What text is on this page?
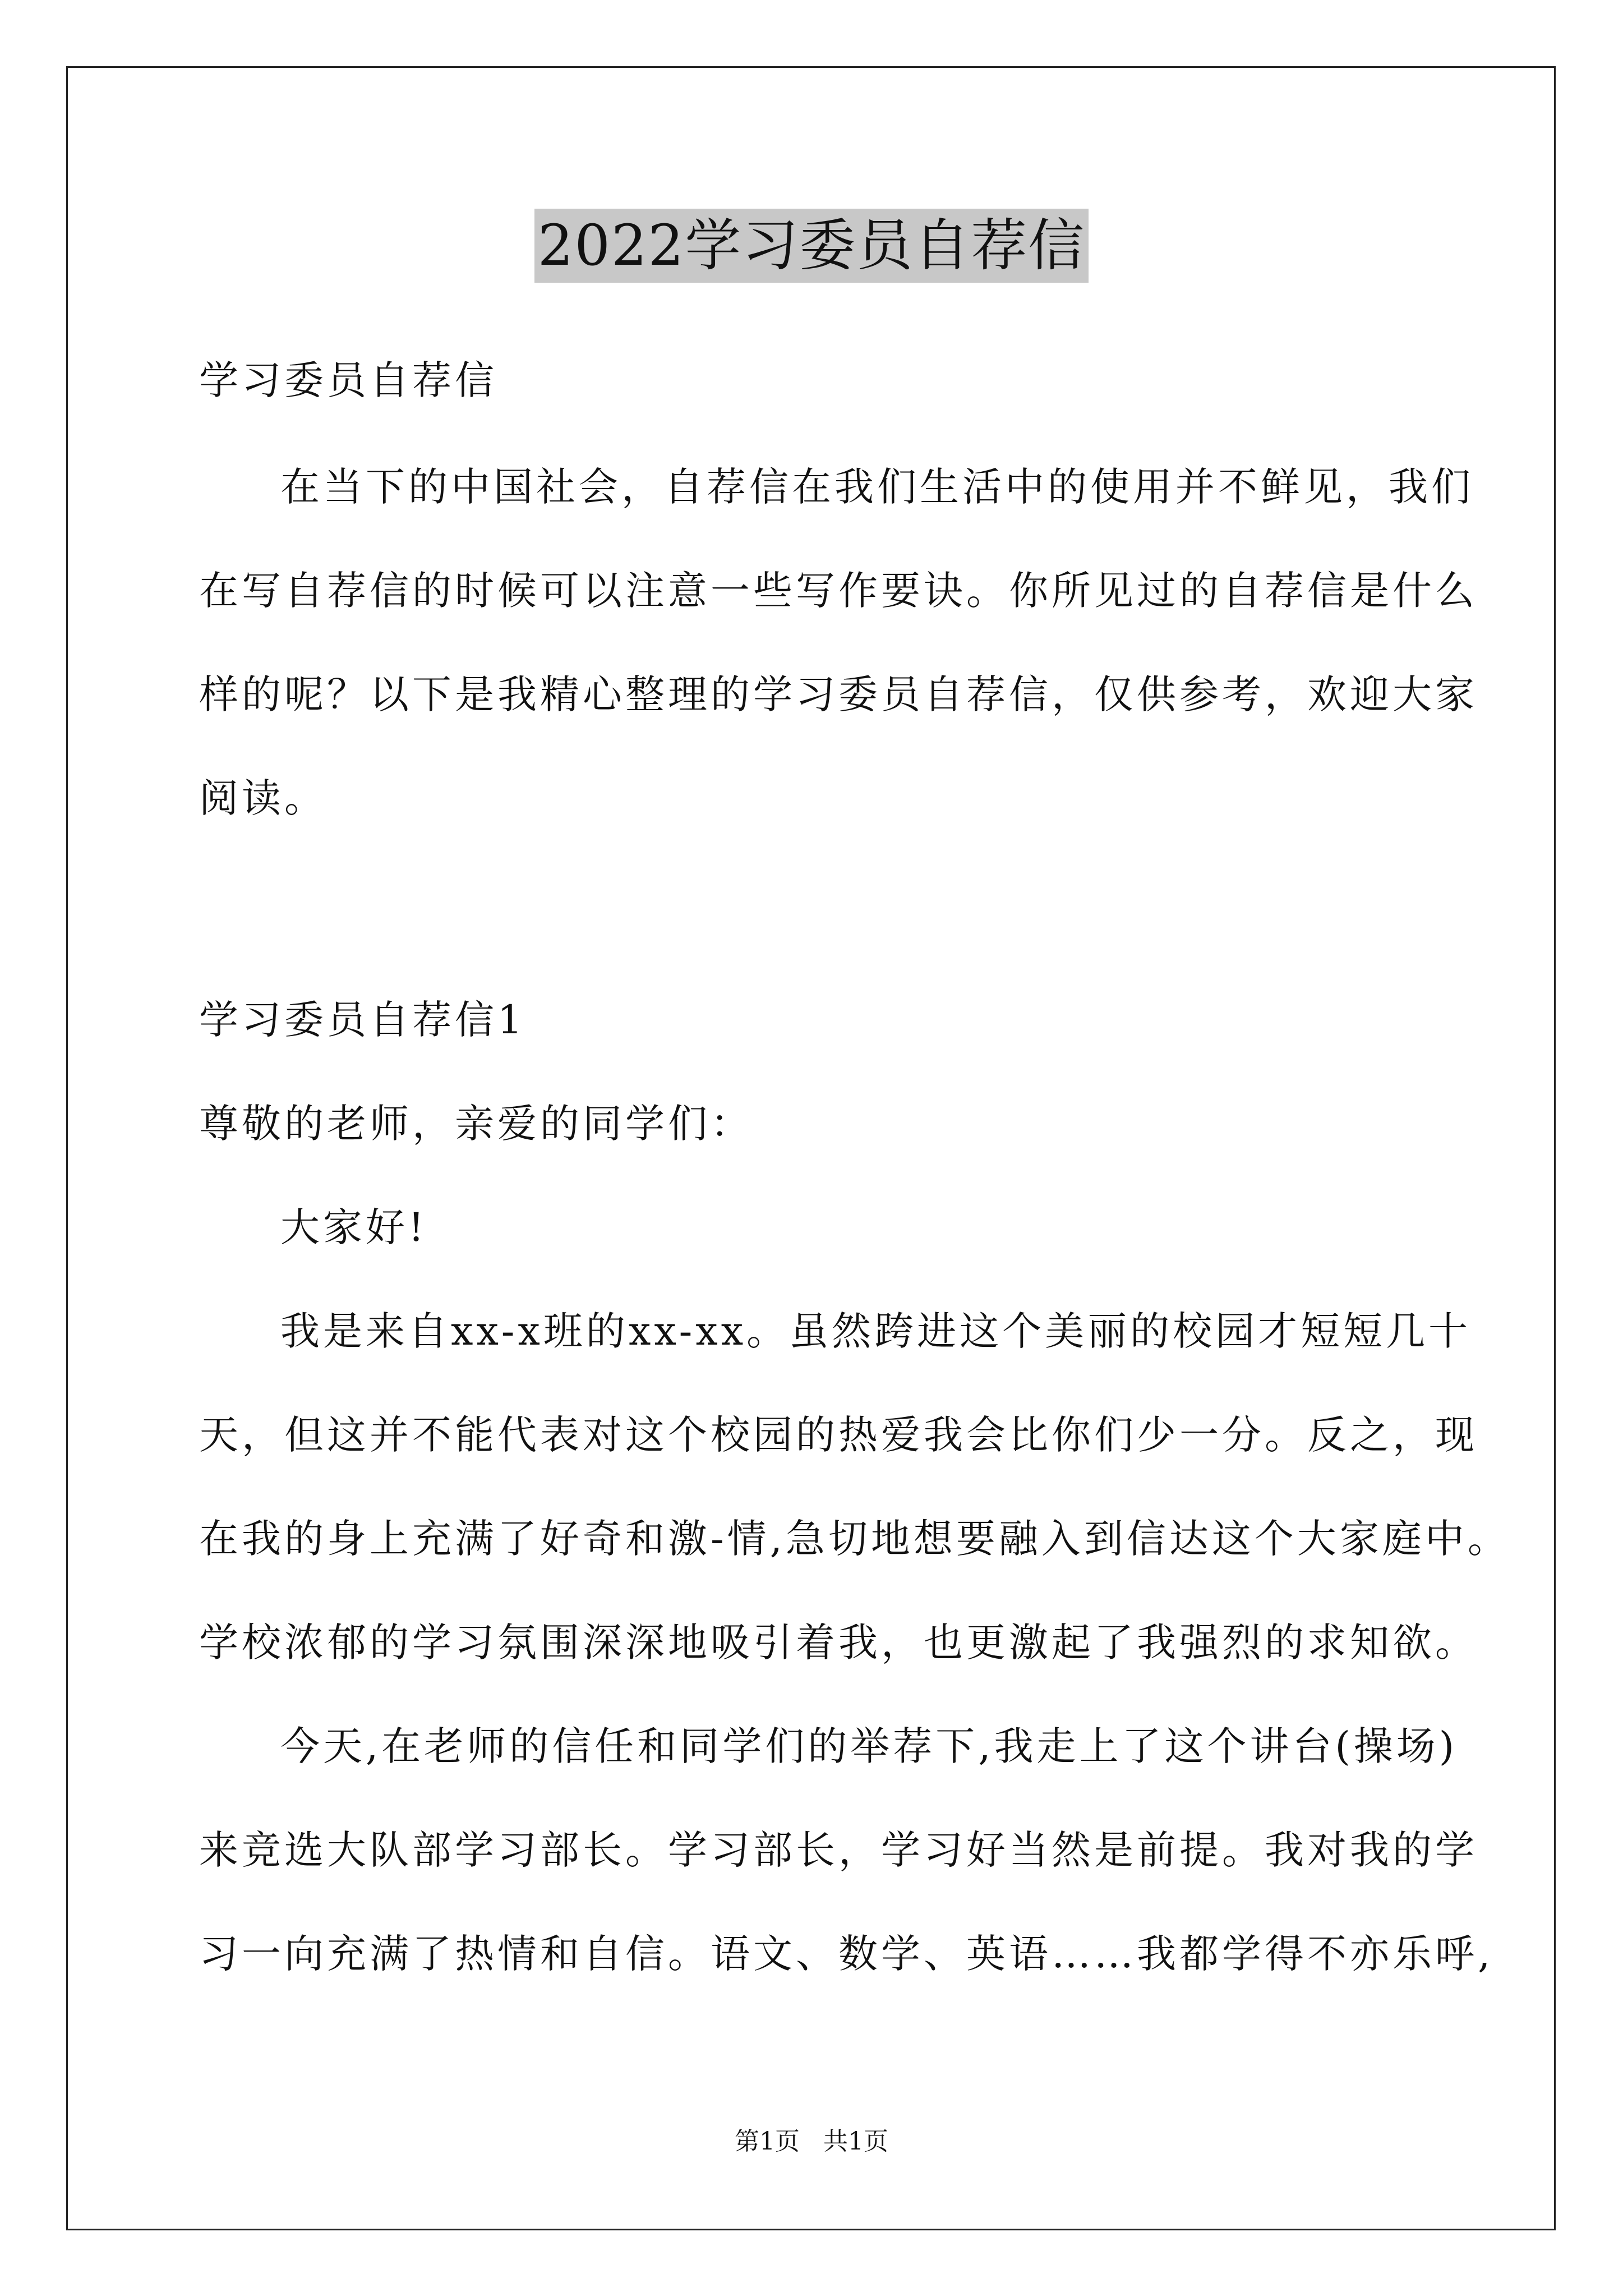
2022学习委员自荐信
学习委员自荐信
在当下的中国社会，自荐信在我们生活中的使用并不鲜见，我们
在写自荐信的时候可以注意一些写作要诀。你所见过的自荐信是什么
样的呢？以下是我精心整理的学习委员自荐信，仅供参考，欢迎大家
阅读。
学习委员自荐信1
尊敬的老师，亲爱的同学们：
大家好!
我是来自xx-x班的xx-xx。虽然跨进这个美丽的校园才短短几十
天，但这并不能代表对这个校园的热爱我会比你们少一分。反之，现
在我的身上充满了好奇和激-情,急切地想要融入到信达这个大家庭中。
学校浓郁的学习氛围深深地吸引着我，也更激起了我强烈的求知欲。
今天,在老师的信任和同学们的举荐下,我走上了这个讲台(操场)
来竞选大队部学习部长。学习部长，学习好当然是前提。我对我的学
习一向充满了热情和自信。语文、数学、英语……我都学得不亦乐呼,
第1页   共1页
